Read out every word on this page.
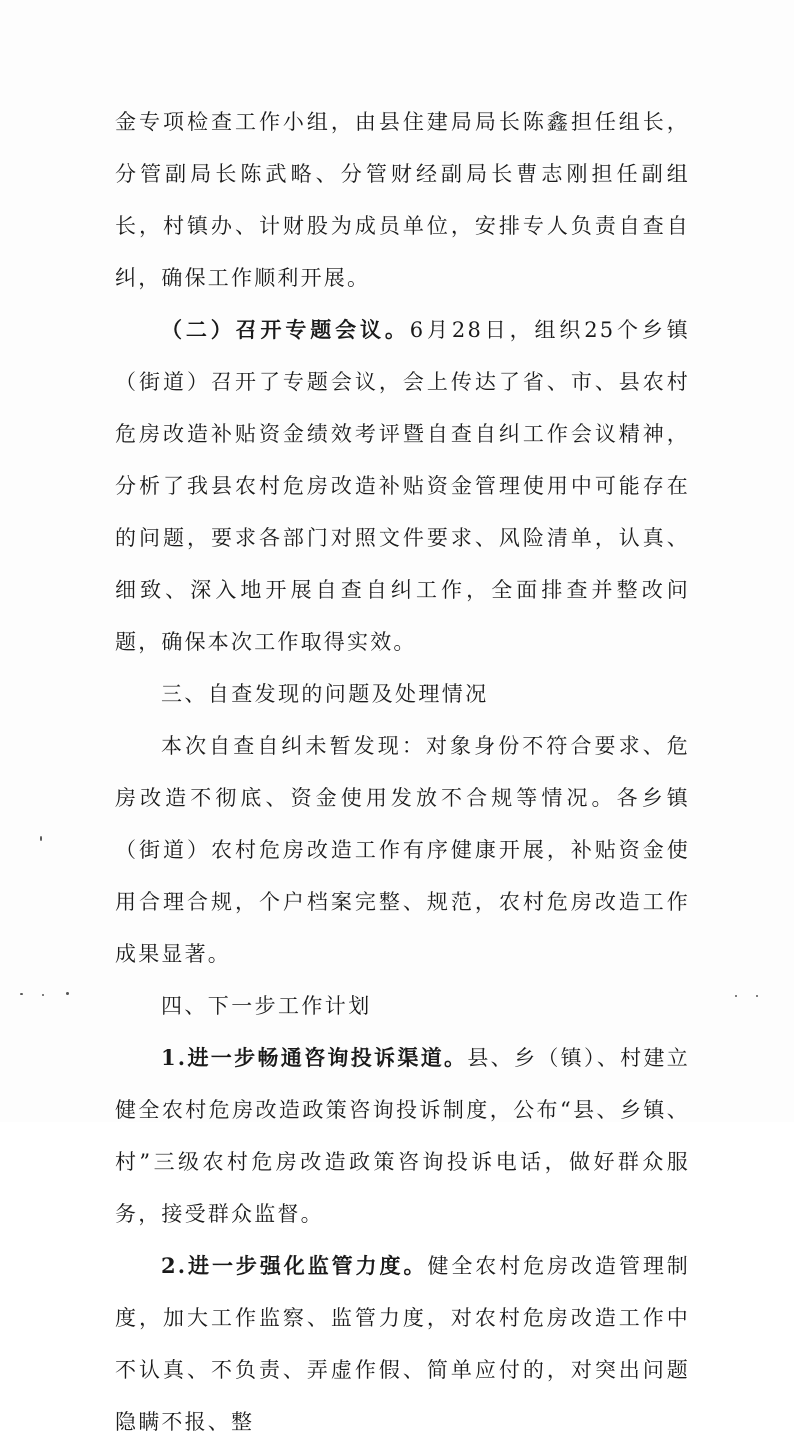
金专项检查工作小组，由县住建局局长陈鑫担任组长，分管副局长陈武略、分管财经副局长曹志刚担任副组长，村镇办、计财股为成员单位，安排专人负责自查自纠，确保工作顺利开展。

（二）召开专题会议。6月28日，组织25个乡镇（街道）召开了专题会议，会上传达了省、市、县农村危房改造补贴资金绩效考评暨自查自纠工作会议精神，分析了我县农村危房改造补贴资金管理使用中可能存在的问题，要求各部门对照文件要求、风险清单，认真、细致、深入地开展自查自纠工作，全面排查并整改问题，确保本次工作取得实效。

三、自查发现的问题及处理情况

本次自查自纠未暂发现：对象身份不符合要求、危房改造不彻底、资金使用发放不合规等情况。各乡镇（街道）农村危房改造工作有序健康开展，补贴资金使用合理合规，个户档案完整、规范，农村危房改造工作成果显著。

四、下一步工作计划

1.进一步畅通咨询投诉渠道。县、乡（镇）、村建立健全农村危房改造政策咨询投诉制度，公布“县、乡镇、村”三级农村危房改造政策咨询投诉电话，做好群众服务，接受群众监督。

2.进一步强化监管力度。健全农村危房改造管理制度，加大工作监察、监管力度，对农村危房改造工作中不认真、不负责、弄虚作假、简单应付的，对突出问题隐瞒不报、整
